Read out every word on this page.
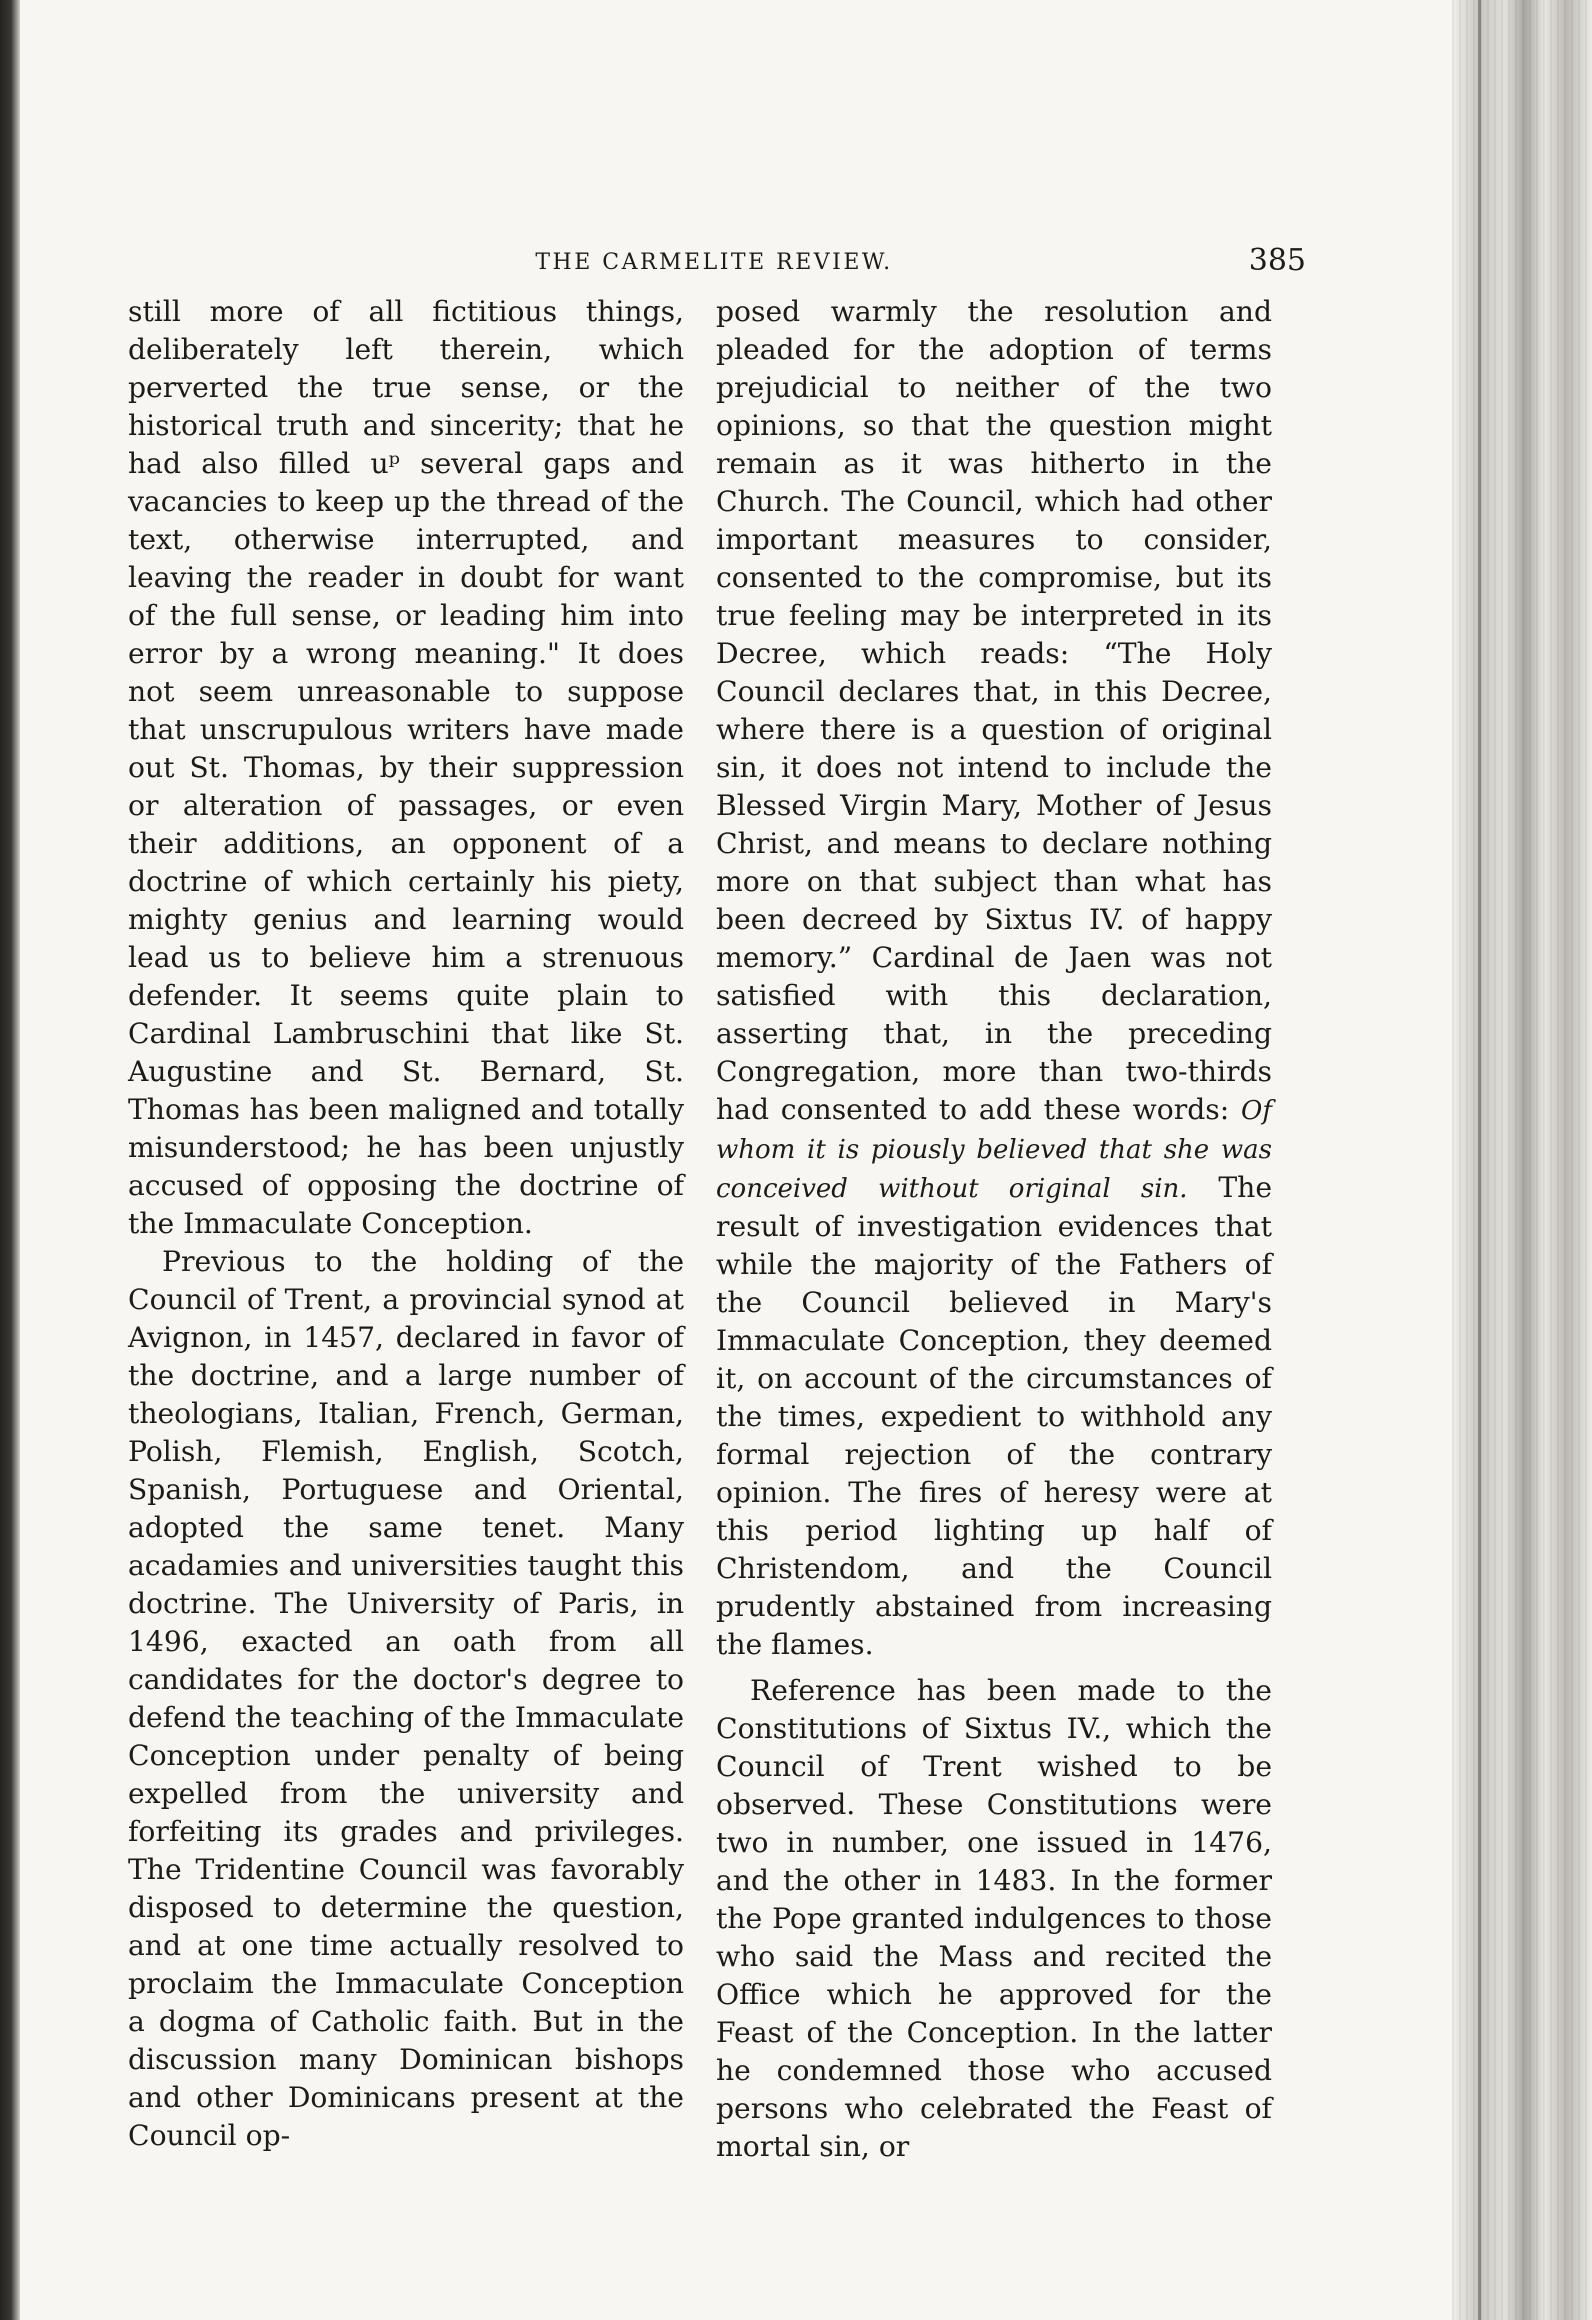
THE CARMELITE REVIEW.	385

still more of all fictitious things, deliberately left therein, which perverted the true sense, or the historical truth and sincerity; that he had also filled uᵖ several gaps and vacancies to keep up the thread of the text, otherwise interrupted, and leaving the reader in doubt for want of the full sense, or leading him into error by a wrong meaning." It does not seem unreasonable to suppose that unscrupulous writers have made out St. Thomas, by their suppression or alteration of passages, or even their additions, an opponent of a doctrine of which certainly his piety, mighty genius and learning would lead us to believe him a strenuous defender. It seems quite plain to Cardinal Lambruschini that like St. Augustine and St. Bernard, St. Thomas has been maligned and totally misunderstood; he has been unjustly accused of opposing the doctrine of the Immaculate Conception.

Previous to the holding of the Council of Trent, a provincial synod at Avignon, in 1457, declared in favor of the doctrine, and a large number of theologians, Italian, French, German, Polish, Flemish, English, Scotch, Spanish, Portuguese and Oriental, adopted the same tenet. Many acadamies and universities taught this doctrine. The University of Paris, in 1496, exacted an oath from all candidates for the doctor's degree to defend the teaching of the Immaculate Conception under penalty of being expelled from the university and forfeiting its grades and privileges. The Tridentine Council was favorably disposed to determine the question, and at one time actually resolved to proclaim the Immaculate Conception a dogma of Catholic faith. But in the discussion many Dominican bishops and other Dominicans present at the Council op-

posed warmly the resolution and pleaded for the adoption of terms prejudicial to neither of the two opinions, so that the question might remain as it was hitherto in the Church. The Council, which had other important measures to consider, consented to the compromise, but its true feeling may be interpreted in its Decree, which reads: “The Holy Council declares that, in this Decree, where there is a question of original sin, it does not intend to include the Blessed Virgin Mary, Mother of Jesus Christ, and means to declare nothing more on that subject than what has been decreed by Sixtus IV. of happy memory.” Cardinal de Jaen was not satisfied with this declaration, asserting that, in the preceding Congregation, more than two-thirds had consented to add these words: Of whom it is piously believed that she was conceived without original sin. The result of investigation evidences that while the majority of the Fathers of the Council believed in Mary's Immaculate Conception, they deemed it, on account of the circumstances of the times, expedient to withhold any formal rejection of the contrary opinion. The fires of heresy were at this period lighting up half of Christendom, and the Council prudently abstained from increasing the flames.

Reference has been made to the Constitutions of Sixtus IV., which the Council of Trent wished to be observed. These Constitutions were two in number, one issued in 1476, and the other in 1483. In the former the Pope granted indulgences to those who said the Mass and recited the Office which he approved for the Feast of the Conception. In the latter he condemned those who accused persons who celebrated the Feast of mortal sin, or
